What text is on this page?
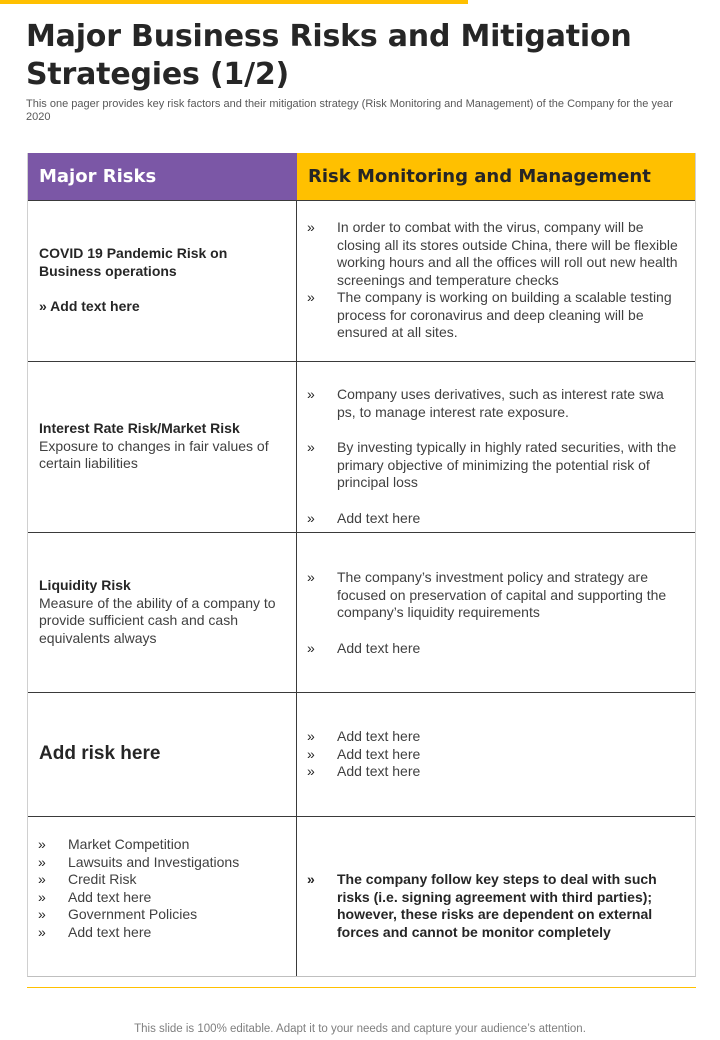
Major Business Risks and Mitigation Strategies (1/2)

This one pager provides key risk factors and their mitigation strategy (Risk Monitoring and Management) of the Company for the year 2020

Major Risks	Risk Monitoring and Management
COVID 19 Pandemic Risk on Business operations
» Add text here
» In order to combat with the virus, company will be closing all its stores outside China, there will be flexible working hours and all the offices will roll out new health screenings and temperature checks
» The company is working on building a scalable testing process for coronavirus and deep cleaning will be ensured at all sites.
Interest Rate Risk/Market Risk
Exposure to changes in fair values of certain liabilities
» Company uses derivatives, such as interest rate swa ps, to manage interest rate exposure.
» By investing typically in highly rated securities, with the primary objective of minimizing the potential risk of principal loss
» Add text here
Liquidity Risk
Measure of the ability of a company to provide sufficient cash and cash equivalents always
» The company’s investment policy and strategy are focused on preservation of capital and supporting the company’s liquidity requirements
» Add text here
Add risk here
» Add text here
» Add text here
» Add text here
» Market Competition
» Lawsuits and Investigations
» Credit Risk
» Add text here
» Government Policies
» Add text here
» The company follow key steps to deal with such risks (i.e. signing agreement with third parties); however, these risks are dependent on external forces and cannot be monitor completely
This slide is 100% editable. Adapt it to your needs and capture your audience’s attention.
